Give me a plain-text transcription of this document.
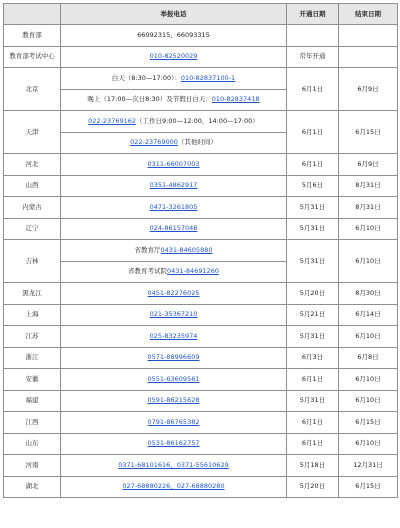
	举报电话	开通日期	结束日期
教育部	66092315、66093315		
教育部考试中心	010-82520029	常年开通	
北京	白天（8:30—17:00）：010-82837100-1	6月1日	6月9日
	晚上（17:00—次日8:30）及节假日白天：010-82837418		
天津	022-23769162（工作日9:00—12:00，14:00—17:00）	6月1日	6月15日
	022-23769000（其他时间）		
河北	0311-66007003	6月1日	6月9日
山西	0351-4862917	5月6日	8月31日
内蒙古	0471-3261805	5月31日	8月31日
辽宁	024-86157048	5月31日	6月10日
吉林	省教育厅0431-84605880	5月31日	6月10日
	省教育考试院0431-84691260		
黑龙江	0451-82276025	5月20日	8月30日
上海	021-35367210	5月21日	6月14日
江苏	025-83235974	5月31日	6月10日
浙江	0571-88996609	6月3日	6月8日
安徽	0551-63609561	6月1日	6月10日
福建	0591-86215628	5月31日	6月10日
江西	0791-86765382	6月1日	6月15日
山东	0531-86162757	6月1日	6月10日
河南	0371-68101616、0371-55610629	5月18日	12月31日
湖北	027-68880226、027-68880280	5月20日	6月15日
